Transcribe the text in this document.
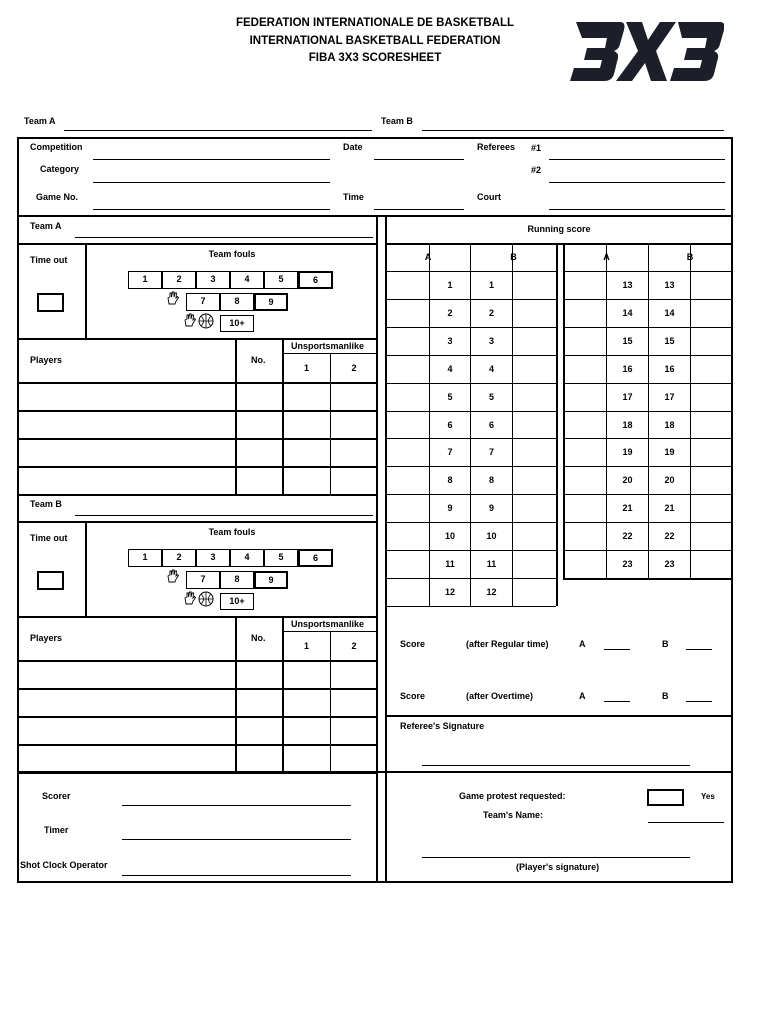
FEDERATION INTERNATIONALE DE BASKETBALL
INTERNATIONAL BASKETBALL FEDERATION
FIBA 3X3 SCORESHEET
Team A	Team B
Competition
Category
Game No.
Date
Time
Referees #1
#2
Court
Team A
Time out
Team fouls
1	2	3	4	5	6
7	8	9
10+
Players	No.
Unsportsmanlike
1	2
Team B
Time out
Team fouls
1	2	3	4	5	6
7	8	9
10+
Players	No.
Unsportsmanlike
1	2
Running score
A	B	A	B
1	1
2	2
3	3
4	4
5	5
6	6
7	7
8	8
9	9
10	10
11	11
12	12
13	13
14	14
15	15
16	16
17	17
18	18
19	19
20	20
21	21
22	22
23	23
Score	(after Regular time)	A	B
Score	(after Overtime)	A	B
Referee's Signature
Scorer
Timer
Shot Clock Operator
Game protest requested:	Yes
Team's Name:
(Player's signature)
